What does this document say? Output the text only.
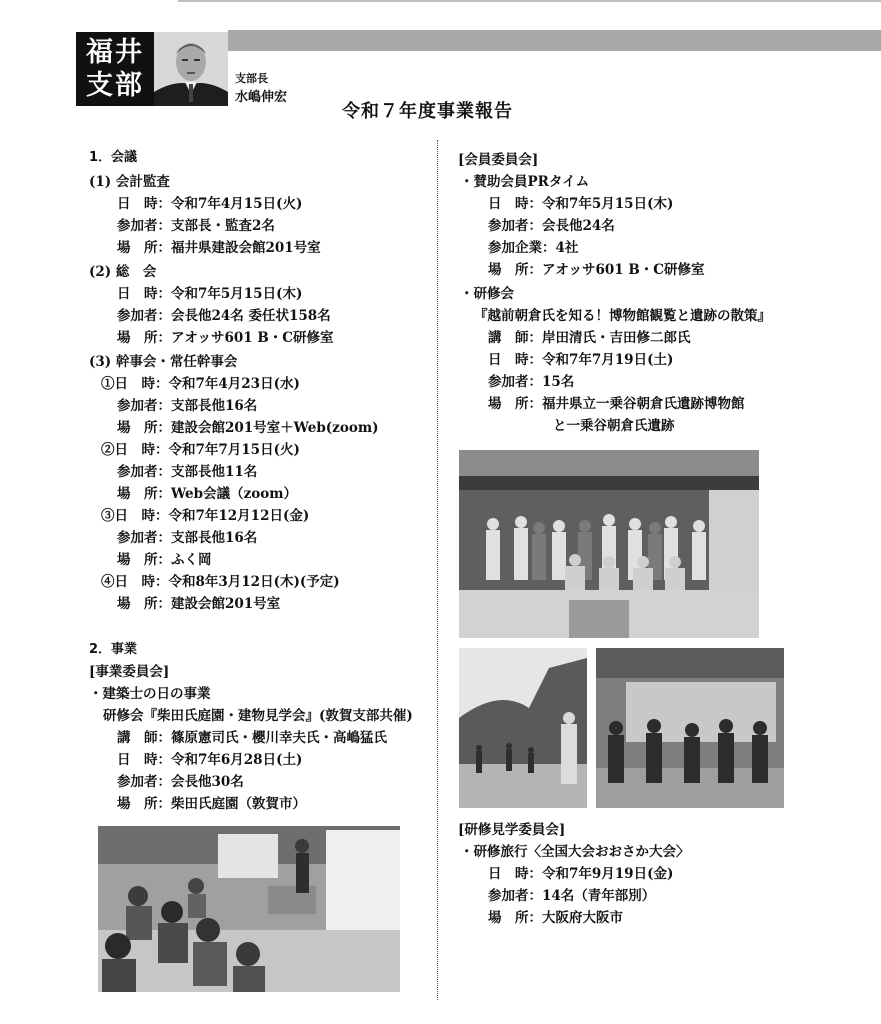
福井支部	支部長
水嶋伸宏
令和７年度事業報告
1．会議
(1) 会計監査
日　時：令和7年4月15日(火)
参加者：支部長・監査2名
場　所：福井県建設会館201号室
(2) 総　会
日　時：令和7年5月15日(木)
参加者：会長他24名 委任状158名
場　所：アオッサ601 B・C研修室
(3) 幹事会・常任幹事会
①日　時：令和7年4月23日(水)
参加者：支部長他16名
場　所：建設会館201号室＋Web(zoom)
②日　時：令和7年7月15日(火)
参加者：支部長他11名
場　所：Web会議（zoom）
③日　時：令和7年12月12日(金)
参加者：支部長他16名
場　所：ふく岡
④日　時：令和8年3月12日(木)(予定)
場　所：建設会館201号室
2．事業
[事業委員会]
・建築士の日の事業
研修会『柴田氏庭園・建物見学会』(敦賀支部共催)
講　師：篠原憲司氏・櫻川幸夫氏・高嶋猛氏
日　時：令和7年6月28日(土)
参加者：会長他30名
場　所：柴田氏庭園（敦賀市）
[会員委員会]
・賛助会員PRタイム
日　時：令和7年5月15日(木)
参加者：会長他24名
参加企業：4社
場　所：アオッサ601 B・C研修室
・研修会
『越前朝倉氏を知る！博物館観覧と遺跡の散策』
講　師：岸田清氏・吉田修二郎氏
日　時：令和7年7月19日(土)
参加者：15名
場　所：福井県立一乗谷朝倉氏遺跡博物館
と一乗谷朝倉氏遺跡
[研修見学委員会]
・研修旅行〈全国大会おおさか大会〉
日　時：令和7年9月19日(金)
参加者：14名（青年部別）
場　所：大阪府大阪市
